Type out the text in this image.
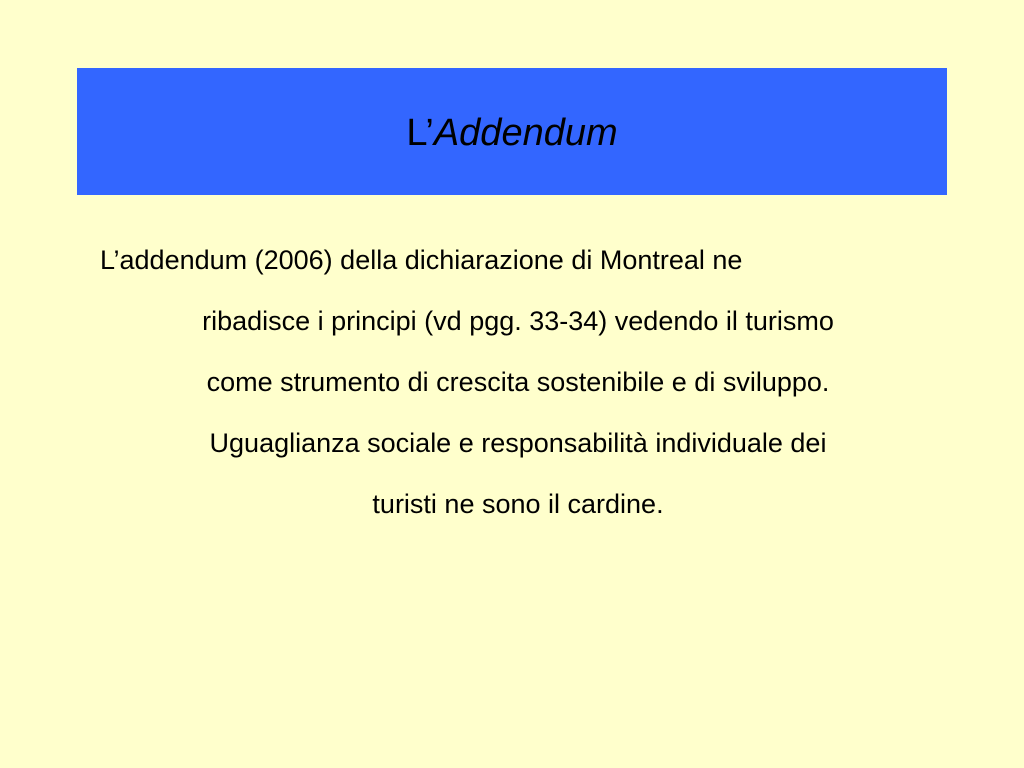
L’Addendum

L’addendum (2006) della dichiarazione di Montreal ne
ribadisce i principi (vd pgg. 33-34) vedendo il turismo
come strumento di crescita sostenibile e di sviluppo.
Uguaglianza sociale e responsabilità individuale dei
turisti ne sono il cardine.
